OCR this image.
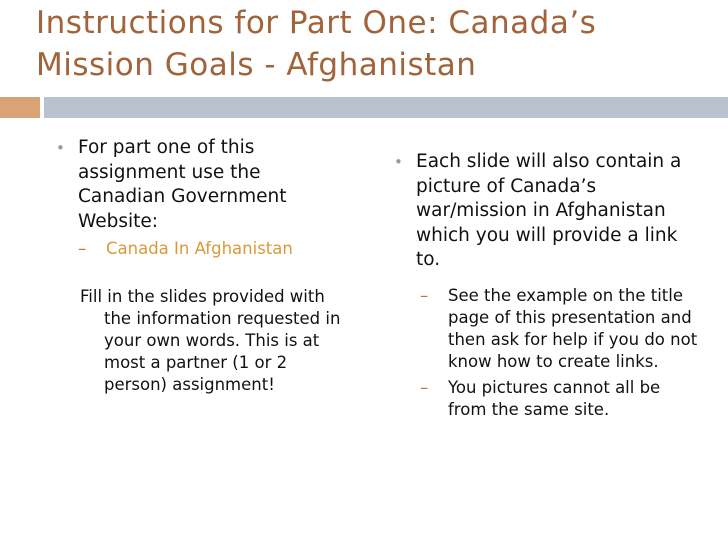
Instructions for Part One: Canada’s
Mission Goals - Afghanistan
• For part one of this assignment use the Canadian Government Website:
– Canada In Afghanistan
Fill in the slides provided with the information requested in your own words. This is at most a partner (1 or 2 person) assignment!
• Each slide will also contain a picture of Canada’s war/mission in Afghanistan which you will provide a link to.
– See the example on the title page of this presentation and then ask for help if you do not know how to create links.
– You pictures cannot all be from the same site.
